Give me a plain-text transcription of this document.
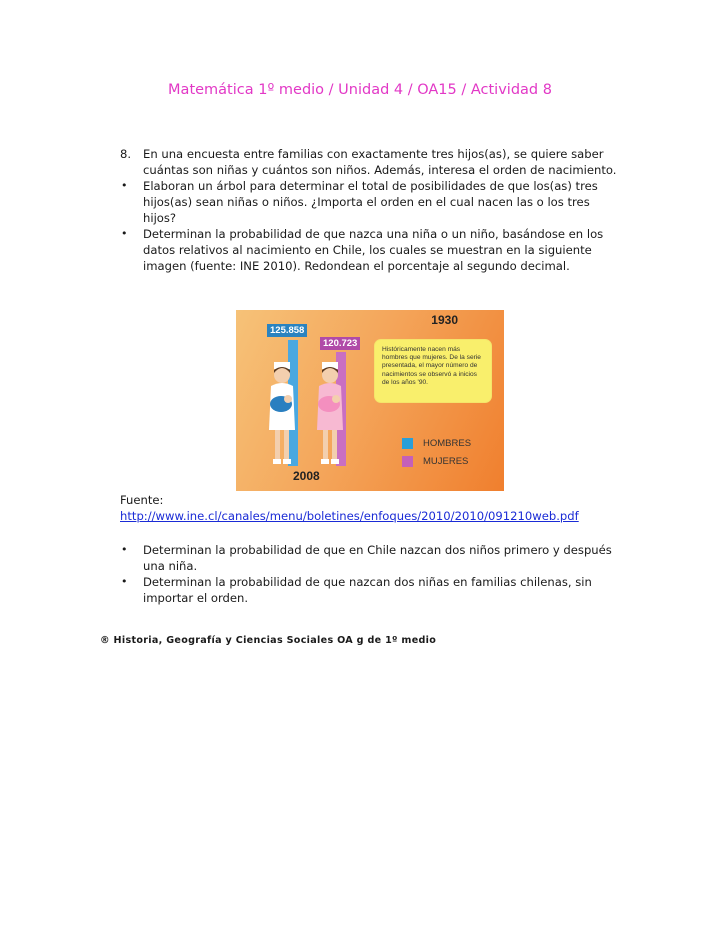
Matemática 1º medio / Unidad 4 / OA15 / Actividad 8
8. En una encuesta entre familias con exactamente tres hijos(as), se quiere saber cuántas son niñas y cuántos son niños. Además, interesa el orden de nacimiento.
• Elaboran un árbol para determinar el total de posibilidades de que los(as) tres hijos(as) sean niñas o niños. ¿Importa el orden en el cual nacen las o los tres hijos?
• Determinan la probabilidad de que nazca una niña o un niño, basándose en los datos relativos al nacimiento en Chile, los cuales se muestran en la siguiente imagen (fuente: INE 2010). Redondean el porcentaje al segundo decimal.
1930
125.858
120.723
Históricamente nacen más hombres que mujeres. De la serie presentada, el mayor número de nacimientos se observó a inicios de los años '90.
HOMBRES
MUJERES
2008
Fuente:
http://www.ine.cl/canales/menu/boletines/enfoques/2010/2010/091210web.pdf
• Determinan la probabilidad de que en Chile nazcan dos niños primero y después una niña.
• Determinan la probabilidad de que nazcan dos niñas en familias chilenas, sin importar el orden.
® Historia, Geografía y Ciencias Sociales OA g de 1º medio
